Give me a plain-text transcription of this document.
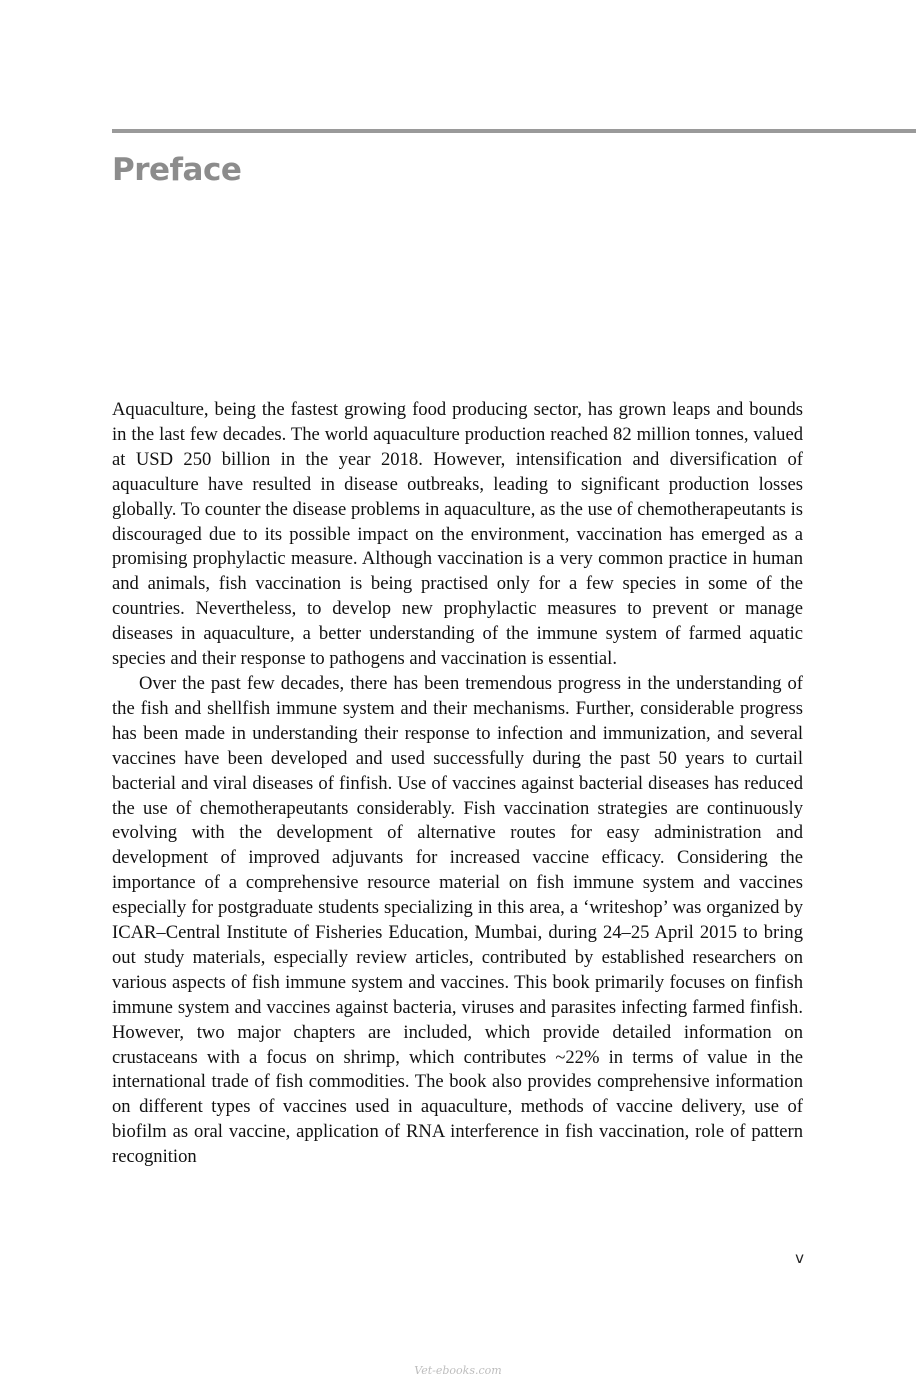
Preface

Aquaculture, being the fastest growing food producing sector, has grown leaps and bounds in the last few decades. The world aquaculture production reached 82 million tonnes, valued at USD 250 billion in the year 2018. However, intensification and diversification of aquaculture have resulted in disease outbreaks, leading to significant production losses globally. To counter the disease problems in aquaculture, as the use of chemotherapeutants is discouraged due to its possible impact on the environment, vaccination has emerged as a promising prophylactic measure. Although vaccination is a very common practice in human and animals, fish vaccination is being practised only for a few species in some of the countries. Nevertheless, to develop new prophylactic measures to prevent or manage diseases in aquaculture, a better understanding of the immune system of farmed aquatic species and their response to pathogens and vaccination is essential.

Over the past few decades, there has been tremendous progress in the understanding of the fish and shellfish immune system and their mechanisms. Further, considerable progress has been made in understanding their response to infection and immunization, and several vaccines have been developed and used successfully during the past 50 years to curtail bacterial and viral diseases of finfish. Use of vaccines against bacterial diseases has reduced the use of chemotherapeutants considerably. Fish vaccination strategies are continuously evolving with the development of alternative routes for easy administration and development of improved adjuvants for increased vaccine efficacy. Considering the importance of a comprehensive resource material on fish immune system and vaccines especially for postgraduate students specializing in this area, a ‘writeshop’ was organized by ICAR–Central Institute of Fisheries Education, Mumbai, during 24–25 April 2015 to bring out study materials, especially review articles, contributed by established researchers on various aspects of fish immune system and vaccines. This book primarily focuses on finfish immune system and vaccines against bacteria, viruses and parasites infecting farmed finfish. However, two major chapters are included, which provide detailed information on crustaceans with a focus on shrimp, which contributes ~22% in terms of value in the international trade of fish commodities. The book also provides comprehensive information on different types of vaccines used in aquaculture, methods of vaccine delivery, use of biofilm as oral vaccine, application of RNA interference in fish vaccination, role of pattern recognition

v
Vet-ebooks.com
